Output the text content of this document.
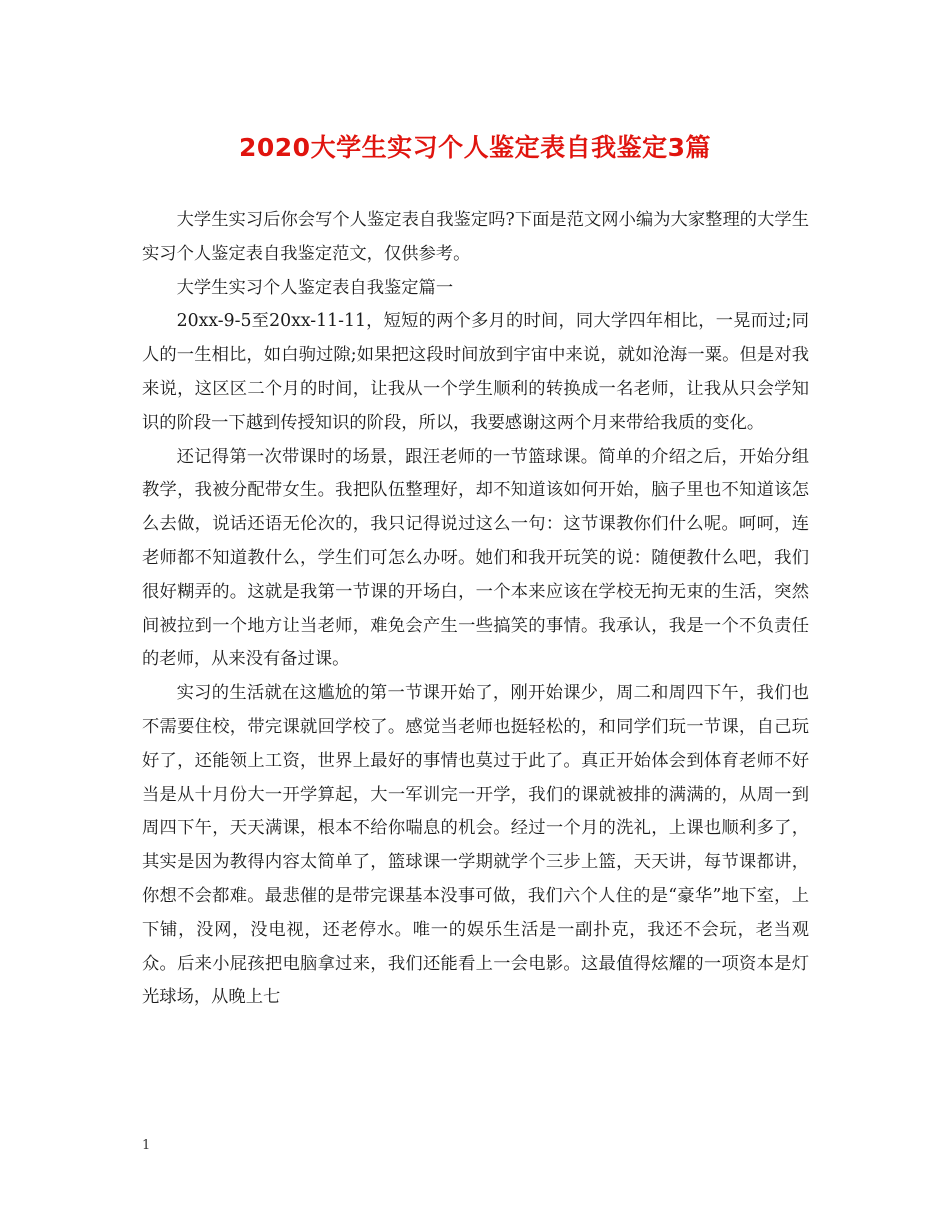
2020大学生实习个人鉴定表自我鉴定3篇

大学生实习后你会写个人鉴定表自我鉴定吗?下面是范文网小编为大家整理的大学生实习个人鉴定表自我鉴定范文，仅供参考。

大学生实习个人鉴定表自我鉴定篇一

20xx-9-5至20xx-11-11，短短的两个多月的时间，同大学四年相比，一晃而过;同人的一生相比，如白驹过隙;如果把这段时间放到宇宙中来说，就如沧海一粟。但是对我来说，这区区二个月的时间，让我从一个学生顺利的转换成一名老师，让我从只会学知识的阶段一下越到传授知识的阶段，所以，我要感谢这两个月来带给我质的变化。

还记得第一次带课时的场景，跟汪老师的一节篮球课。简单的介绍之后，开始分组教学，我被分配带女生。我把队伍整理好，却不知道该如何开始，脑子里也不知道该怎么去做，说话还语无伦次的，我只记得说过这么一句：这节课教你们什么呢。呵呵，连老师都不知道教什么，学生们可怎么办呀。她们和我开玩笑的说：随便教什么吧，我们很好糊弄的。这就是我第一节课的开场白，一个本来应该在学校无拘无束的生活，突然间被拉到一个地方让当老师，难免会产生一些搞笑的事情。我承认，我是一个不负责任的老师，从来没有备过课。

实习的生活就在这尴尬的第一节课开始了，刚开始课少，周二和周四下午，我们也不需要住校，带完课就回学校了。感觉当老师也挺轻松的，和同学们玩一节课，自己玩好了，还能领上工资，世界上最好的事情也莫过于此了。真正开始体会到体育老师不好当是从十月份大一开学算起，大一军训完一开学，我们的课就被排的满满的，从周一到周四下午，天天满课，根本不给你喘息的机会。经过一个月的洗礼，上课也顺利多了，其实是因为教得内容太简单了，篮球课一学期就学个三步上篮，天天讲，每节课都讲，你想不会都难。最悲催的是带完课基本没事可做，我们六个人住的是“豪华”地下室，上下铺，没网，没电视，还老停水。唯一的娱乐生活是一副扑克，我还不会玩，老当观众。后来小屁孩把电脑拿过来，我们还能看上一会电影。这最值得炫耀的一项资本是灯光球场，从晚上七

1
